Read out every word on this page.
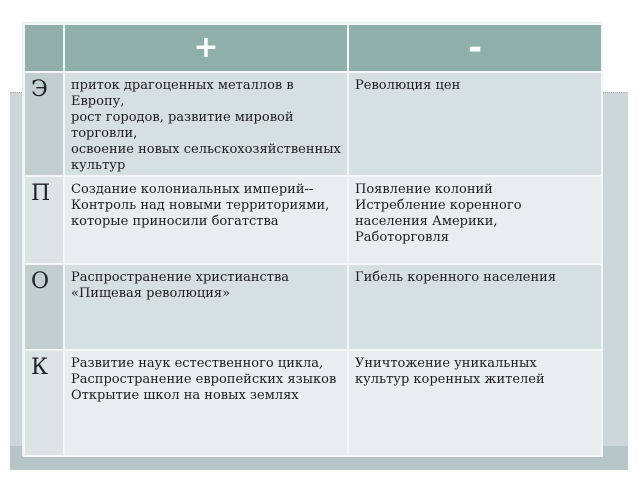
	+	-

Э	приток драгоценных металлов в Европу,
рост городов, развитие мировой торговли,
освоение новых сельскохозяйственных культур	Революция цен

П	Создание колониальных империй--
Контроль над новыми территориями, которые приносили богатства	Появление колоний
Истребление коренного населения Америки,
Работорговля

О	Распространение христианства
«Пищевая революция»	Гибель коренного населения

К	Развитие наук естественного цикла,
Распространение европейских языков
Открытие школ на новых землях	Уничтожение уникальных культур коренных жителей
